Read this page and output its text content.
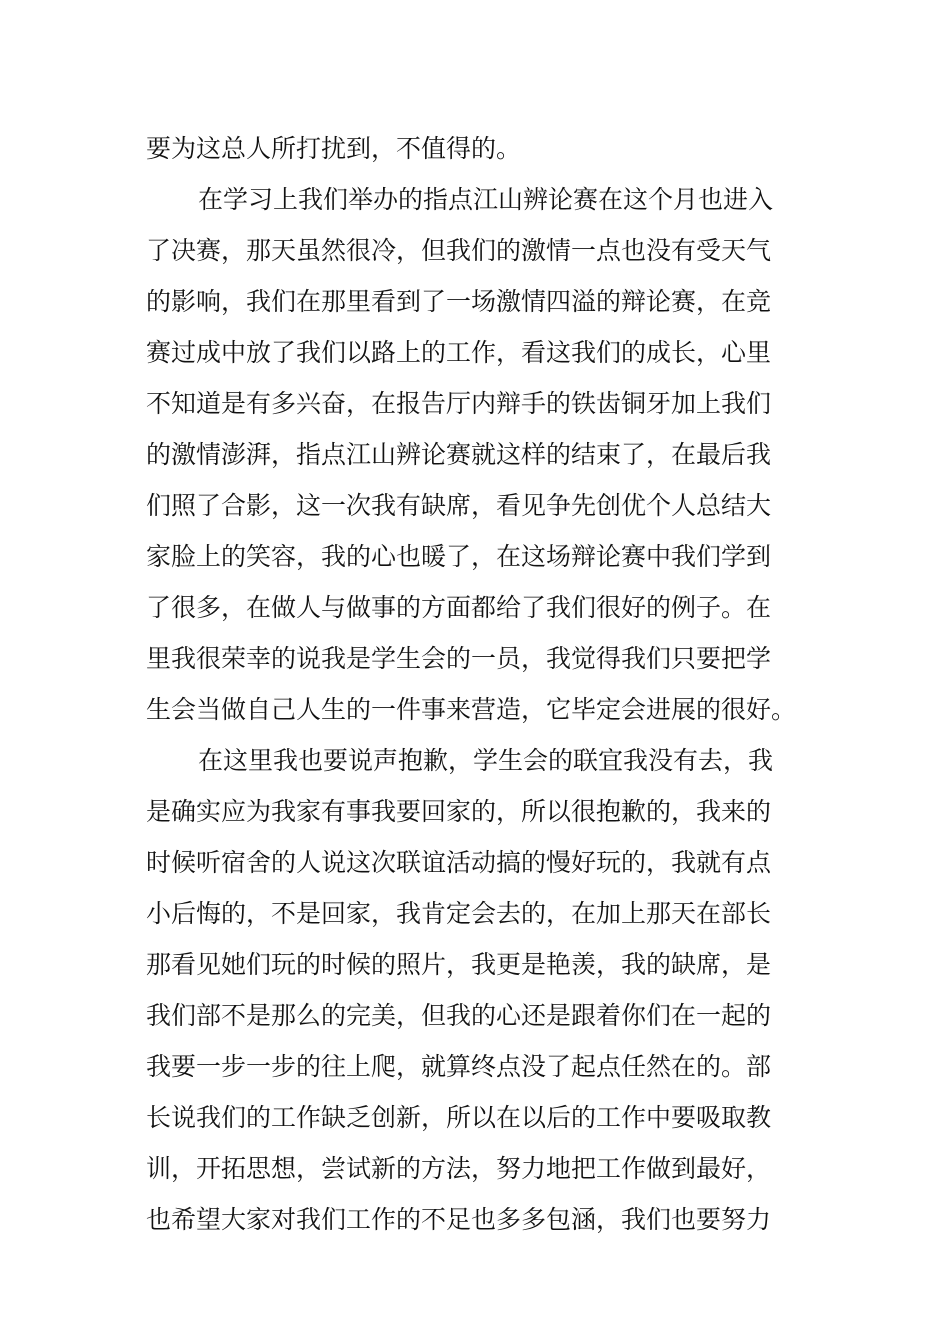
要为这总人所打扰到，不值得的。
在学习上我们举办的指点江山辨论赛在这个月也进入
了决赛，那天虽然很冷，但我们的激情一点也没有受天气
的影响，我们在那里看到了一场激情四溢的辩论赛，在竞
赛过成中放了我们以路上的工作，看这我们的成长，心里
不知道是有多兴奋，在报告厅内辩手的铁齿铜牙加上我们
的激情澎湃，指点江山辨论赛就这样的结束了，在最后我
们照了合影，这一次我有缺席，看见争先创优个人总结大
家脸上的笑容，我的心也暖了，在这场辩论赛中我们学到
了很多，在做人与做事的方面都给了我们很好的例子。在
里我很荣幸的说我是学生会的一员，我觉得我们只要把学
生会当做自己人生的一件事来营造，它毕定会进展的很好。
在这里我也要说声抱歉，学生会的联宜我没有去，我
是确实应为我家有事我要回家的，所以很抱歉的，我来的
时候听宿舍的人说这次联谊活动搞的慢好玩的，我就有点
小后悔的，不是回家，我肯定会去的，在加上那天在部长
那看见她们玩的时候的照片，我更是艳羡，我的缺席，是
我们部不是那么的完美，但我的心还是跟着你们在一起的
我要一步一步的往上爬，就算终点没了起点任然在的。部
长说我们的工作缺乏创新，所以在以后的工作中要吸取教
训，开拓思想，尝试新的方法，努力地把工作做到最好，
也希望大家对我们工作的不足也多多包涵，我们也要努力
